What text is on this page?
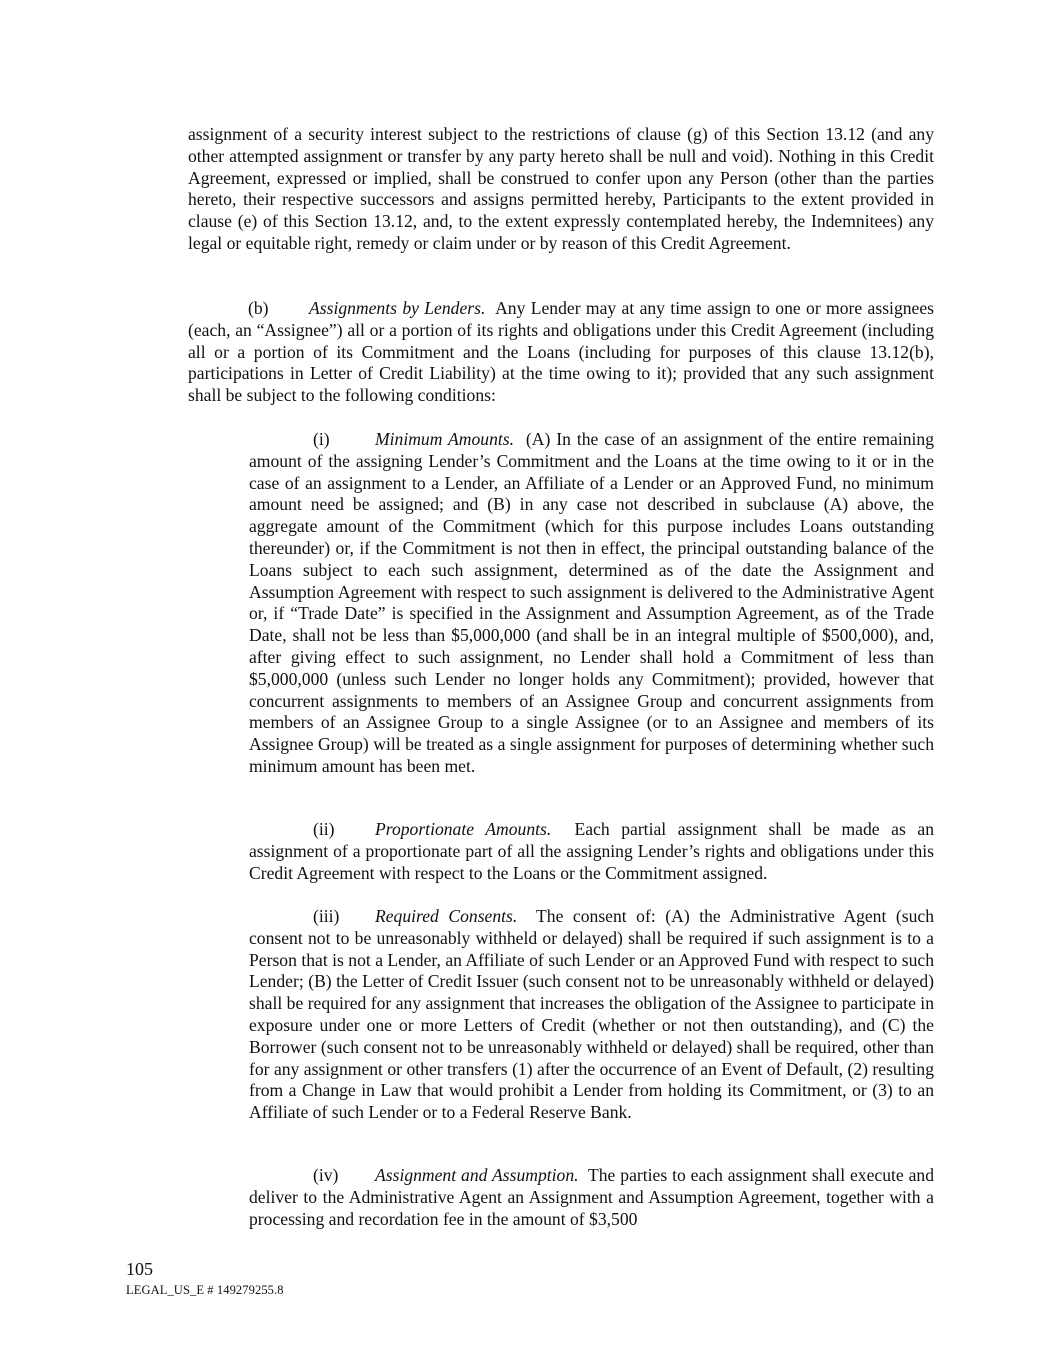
assignment of a security interest subject to the restrictions of clause (g) of this Section 13.12 (and any other attempted assignment or transfer by any party hereto shall be null and void). Nothing in this Credit Agreement, expressed or implied, shall be construed to confer upon any Person (other than the parties hereto, their respective successors and assigns permitted hereby, Participants to the extent provided in clause (e) of this Section 13.12, and, to the extent expressly contemplated hereby, the Indemnitees) any legal or equitable right, remedy or claim under or by reason of this Credit Agreement.

(b) Assignments by Lenders. Any Lender may at any time assign to one or more assignees (each, an “Assignee”) all or a portion of its rights and obligations under this Credit Agreement (including all or a portion of its Commitment and the Loans (including for purposes of this clause 13.12(b), participations in Letter of Credit Liability) at the time owing to it); provided that any such assignment shall be subject to the following conditions:

(i)	Minimum Amounts. (A) In the case of an assignment of the entire remaining amount of the assigning Lender’s Commitment and the Loans at the time owing to it or in the case of an assignment to a Lender, an Affiliate of a Lender or an Approved Fund, no minimum amount need be assigned; and (B) in any case not described in subclause (A) above, the aggregate amount of the Commitment (which for this purpose includes Loans outstanding thereunder) or, if the Commitment is not then in effect, the principal outstanding balance of the Loans subject to each such assignment, determined as of the date the Assignment and Assumption Agreement with respect to such assignment is delivered to the Administrative Agent or, if “Trade Date” is specified in the Assignment and Assumption Agreement, as of the Trade Date, shall not be less than $5,000,000 (and shall be in an integral multiple of $500,000), and, after giving effect to such assignment, no Lender shall hold a Commitment of less than $5,000,000 (unless such Lender no longer holds any Commitment); provided, however that concurrent assignments to members of an Assignee Group and concurrent assignments from members of an Assignee Group to a single Assignee (or to an Assignee and members of its Assignee Group) will be treated as a single assignment for purposes of determining whether such minimum amount has been met.

(ii) Proportionate Amounts. Each partial assignment shall be made as an assignment of a proportionate part of all the assigning Lender’s rights and obligations under this Credit Agreement with respect to the Loans or the Commitment assigned.

(iii) Required Consents. The consent of: (A) the Administrative Agent (such consent not to be unreasonably withheld or delayed) shall be required if such assignment is to a Person that is not a Lender, an Affiliate of such Lender or an Approved Fund with respect to such Lender; (B) the Letter of Credit Issuer (such consent not to be unreasonably withheld or delayed) shall be required for any assignment that increases the obligation of the Assignee to participate in exposure under one or more Letters of Credit (whether or not then outstanding), and (C) the Borrower (such consent not to be unreasonably withheld or delayed) shall be required, other than for any assignment or other transfers (1) after the occurrence of an Event of Default, (2) resulting from a Change in Law that would prohibit a Lender from holding its Commitment, or (3) to an Affiliate of such Lender or to a Federal Reserve Bank.

(iv) Assignment and Assumption. The parties to each assignment shall execute and deliver to the Administrative Agent an Assignment and Assumption Agreement, together with a processing and recordation fee in the amount of $3,500

105
LEGAL_US_E # 149279255.8
